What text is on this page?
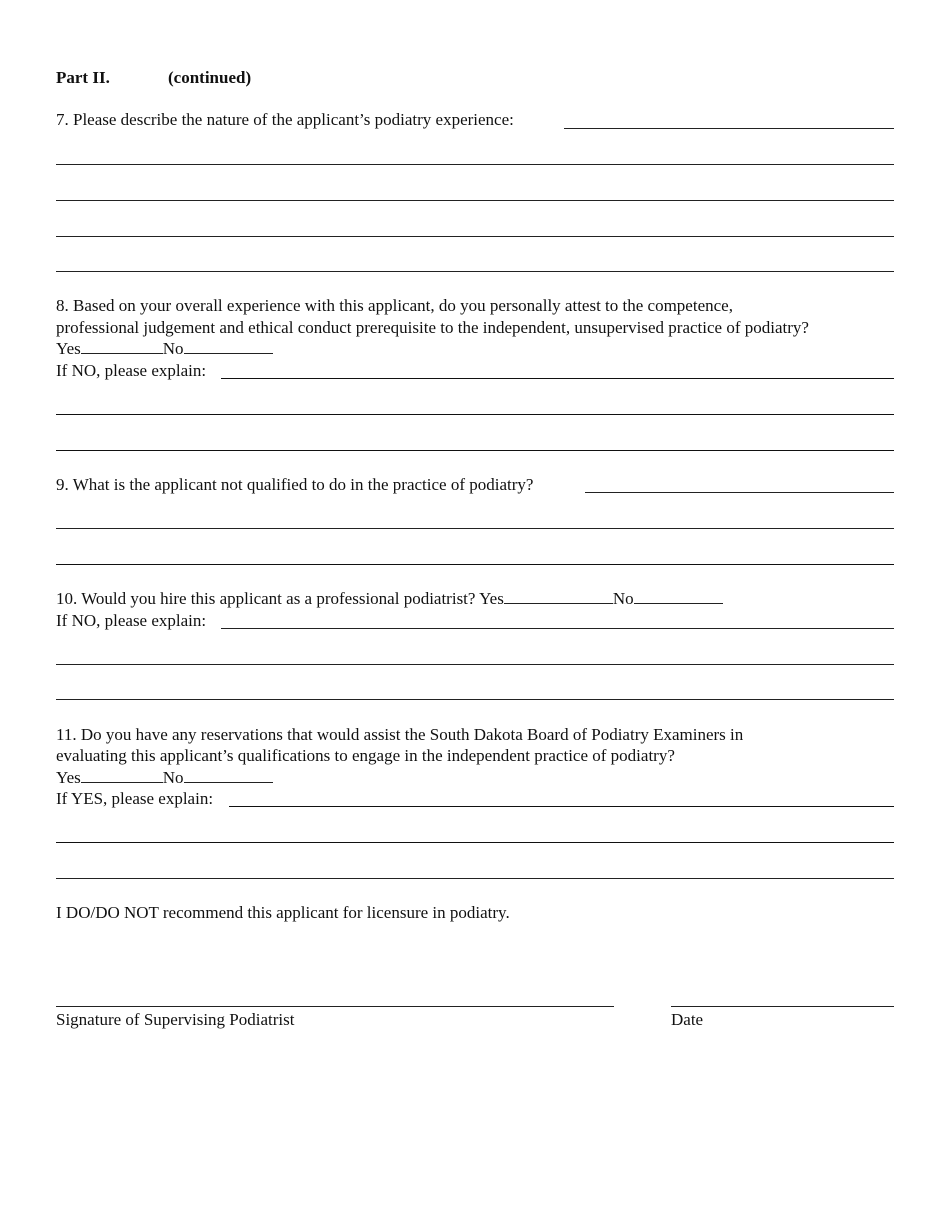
Part II.	(continued)
7. Please describe the nature of the applicant’s podiatry experience:
8. Based on your overall experience with this applicant, do you personally attest to the competence,
professional judgement and ethical conduct prerequisite to the independent, unsupervised practice of podiatry?
Yes	No
If NO, please explain:
9. What is the applicant not qualified to do in the practice of podiatry?
10. Would you hire this applicant as a professional podiatrist? Yes	No
If NO, please explain:
11. Do you have any reservations that would assist the South Dakota Board of Podiatry Examiners in
evaluating this applicant’s qualifications to engage in the independent practice of podiatry?
Yes	No
If YES, please explain:
I DO/DO NOT recommend this applicant for licensure in podiatry.
Signature of Supervising Podiatrist	Date
